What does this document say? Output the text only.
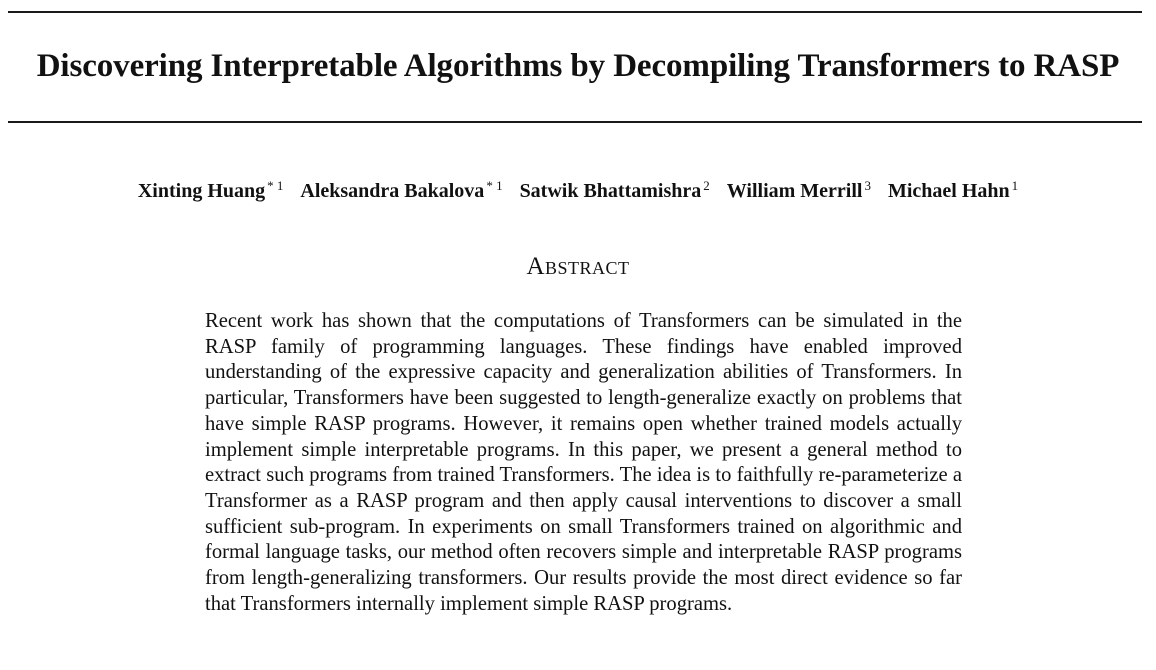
Discovering Interpretable Algorithms by Decompiling Transformers to RASP
Xinting Huang $^{* 1}$ Aleksandra Bakalova $^{* 1}$ Satwik Bhattamishra $^2$ William Merrill $^3$ Michael Hahn $^1$
Abstract
Recent work has shown that the computations of Transformers can be simulated in the RASP family of programming languages. These findings have enabled improved understanding of the expressive capacity and generalization abilities of Transformers. In particular, Transformers have been suggested to length-generalize exactly on problems that have simple RASP programs. However, it remains open whether trained models actually implement simple interpretable programs. In this paper, we present a general method to extract such programs from trained Transformers. The idea is to faithfully re-parameterize a Transformer as a RASP program and then apply causal interventions to discover a small sufficient sub-program. In experiments on small Transformers trained on algorithmic and formal language tasks, our method often recovers simple and interpretable RASP programs from length-generalizing transformers. Our results provide the most direct evidence so far that Transformers internally implement simple RASP programs.
